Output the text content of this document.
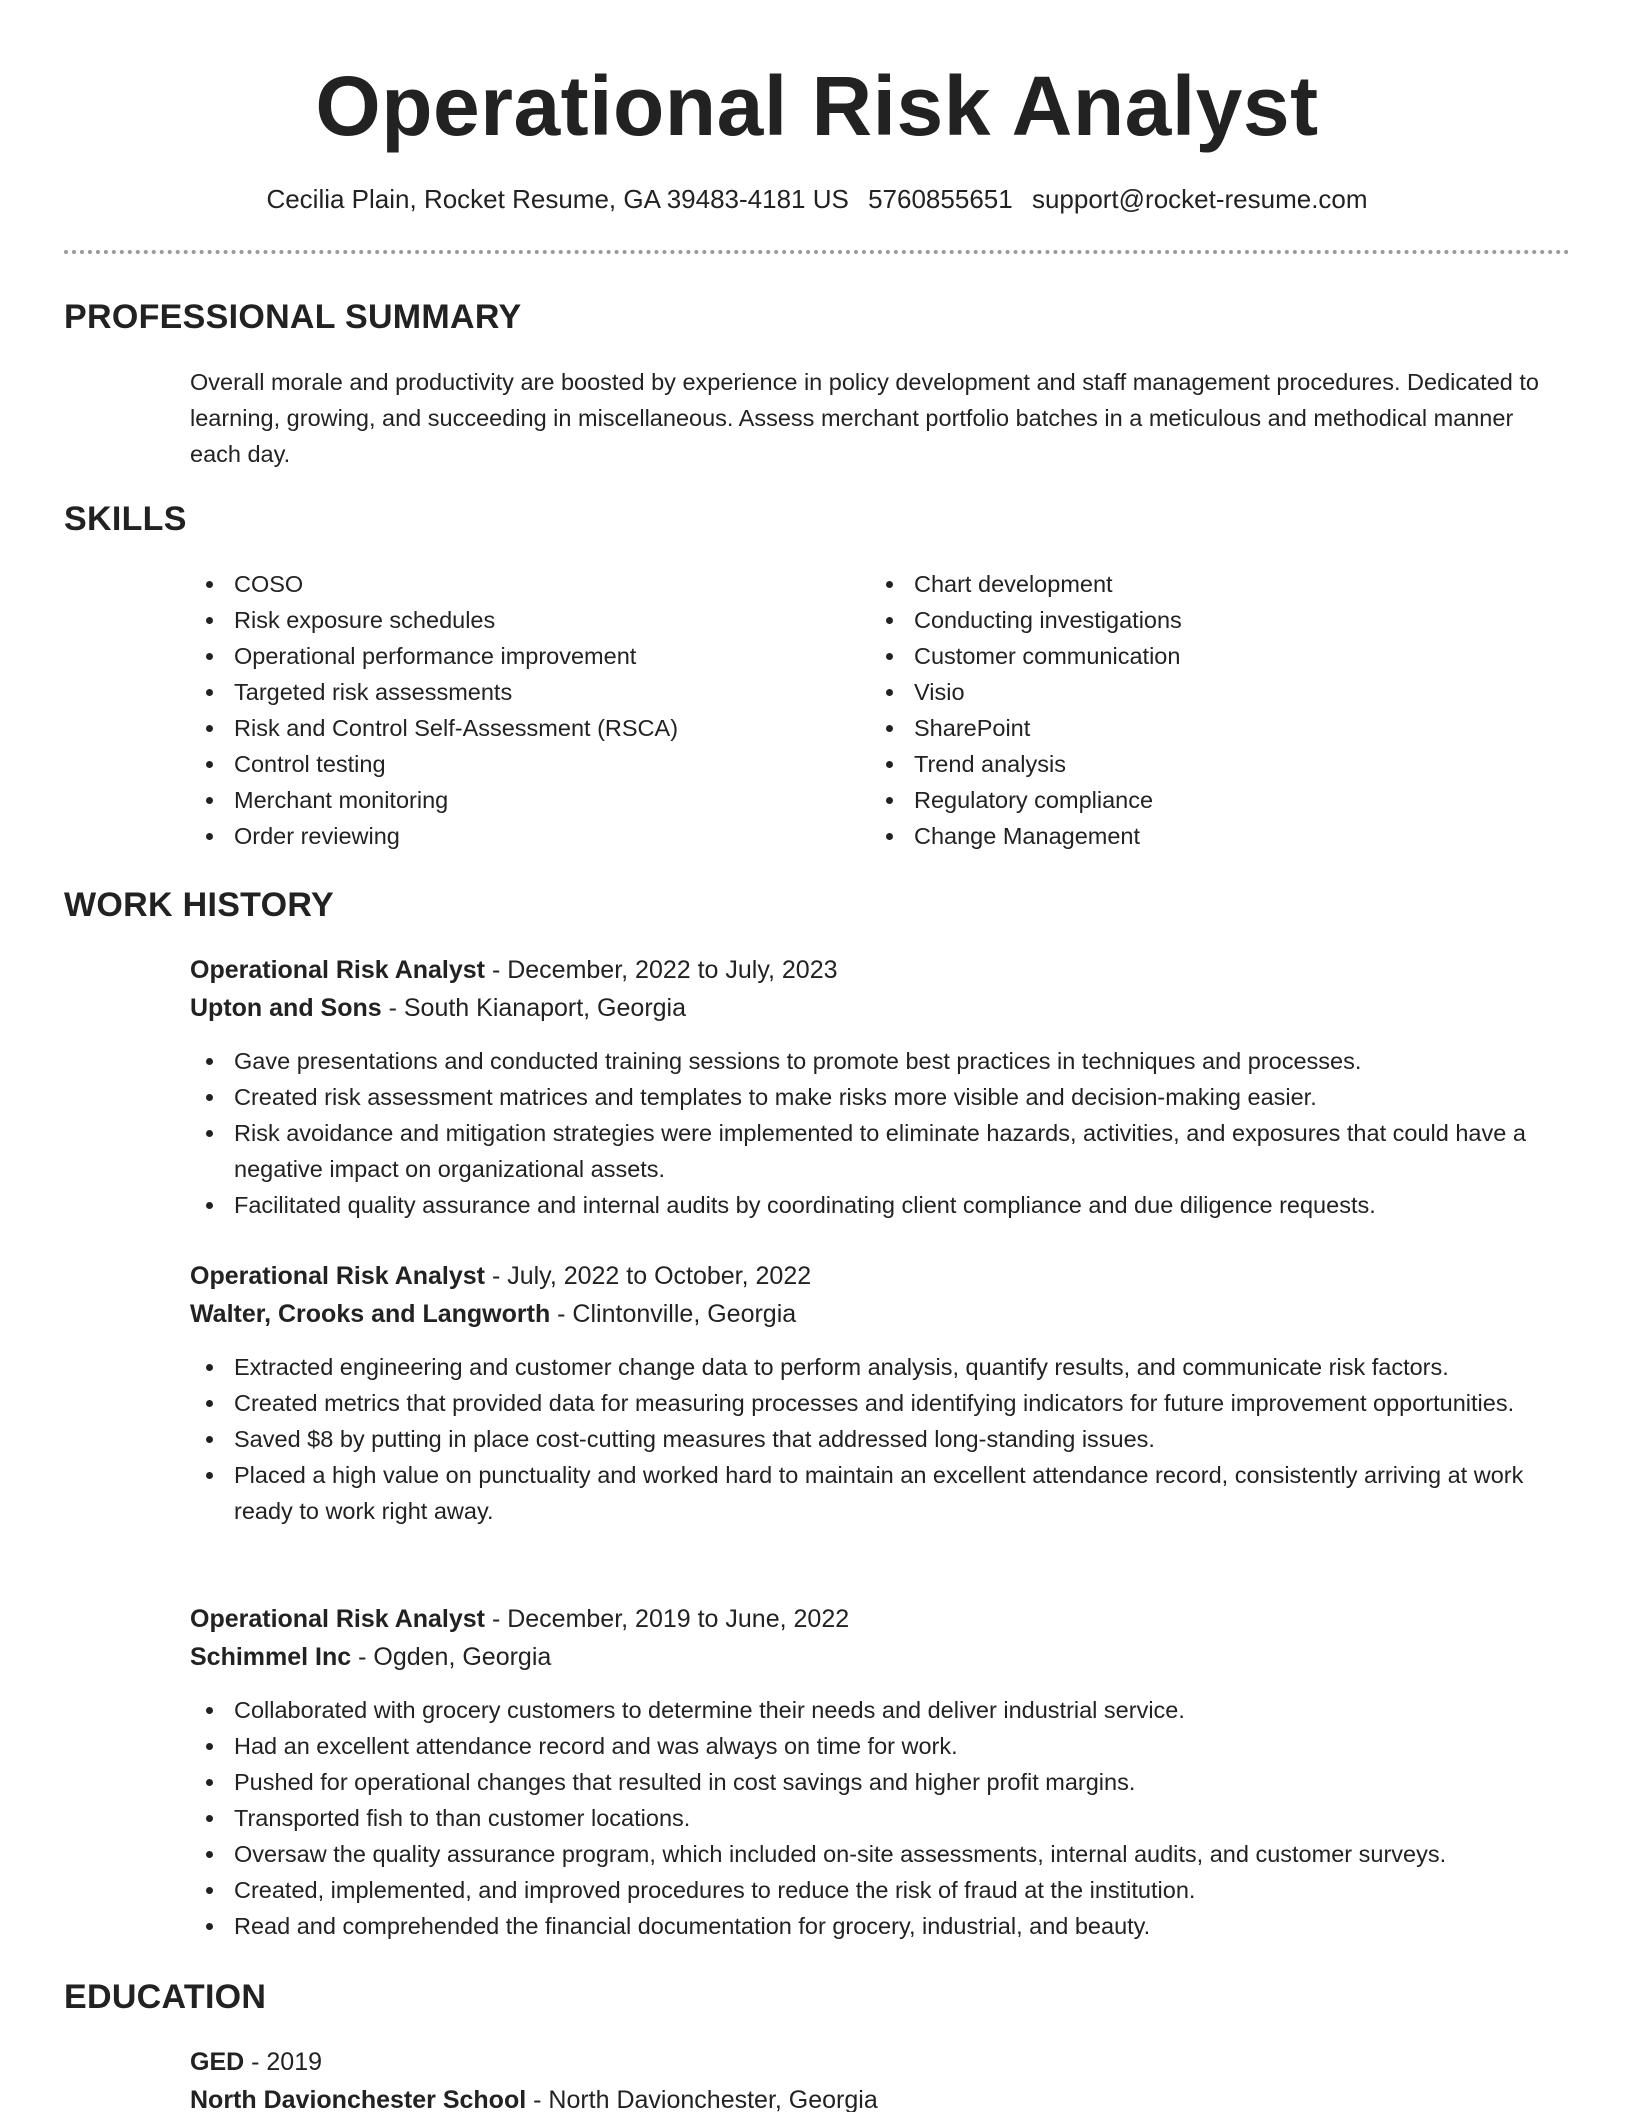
Operational Risk Analyst
Cecilia Plain, Rocket Resume, GA 39483-4181 US 5760855651 support@rocket-resume.com
PROFESSIONAL SUMMARY

Overall morale and productivity are boosted by experience in policy development and staff management procedures. Dedicated to learning, growing, and succeeding in miscellaneous. Assess merchant portfolio batches in a meticulous and methodical manner each day.

SKILLS
COSO
Risk exposure schedules
Operational performance improvement
Targeted risk assessments
Risk and Control Self-Assessment (RSCA)
Control testing
Merchant monitoring
Order reviewing
Chart development
Conducting investigations
Customer communication
Visio
SharePoint
Trend analysis
Regulatory compliance
Change Management
WORK HISTORY
Operational Risk Analyst - December, 2022 to July, 2023
Upton and Sons - South Kianaport, Georgia
Gave presentations and conducted training sessions to promote best practices in techniques and processes.
Created risk assessment matrices and templates to make risks more visible and decision-making easier.
Risk avoidance and mitigation strategies were implemented to eliminate hazards, activities, and exposures that could have a negative impact on organizational assets.
Facilitated quality assurance and internal audits by coordinating client compliance and due diligence requests.
Operational Risk Analyst - July, 2022 to October, 2022
Walter, Crooks and Langworth - Clintonville, Georgia
Extracted engineering and customer change data to perform analysis, quantify results, and communicate risk factors.
Created metrics that provided data for measuring processes and identifying indicators for future improvement opportunities.
Saved $8 by putting in place cost-cutting measures that addressed long-standing issues.
Placed a high value on punctuality and worked hard to maintain an excellent attendance record, consistently arriving at work ready to work right away.
Operational Risk Analyst - December, 2019 to June, 2022
Schimmel Inc - Ogden, Georgia
Collaborated with grocery customers to determine their needs and deliver industrial service.
Had an excellent attendance record and was always on time for work.
Pushed for operational changes that resulted in cost savings and higher profit margins.
Transported fish to than customer locations.
Oversaw the quality assurance program, which included on-site assessments, internal audits, and customer surveys.
Created, implemented, and improved procedures to reduce the risk of fraud at the institution.
Read and comprehended the financial documentation for grocery, industrial, and beauty.
EDUCATION
GED - 2019
North Davionchester School - North Davionchester, Georgia
